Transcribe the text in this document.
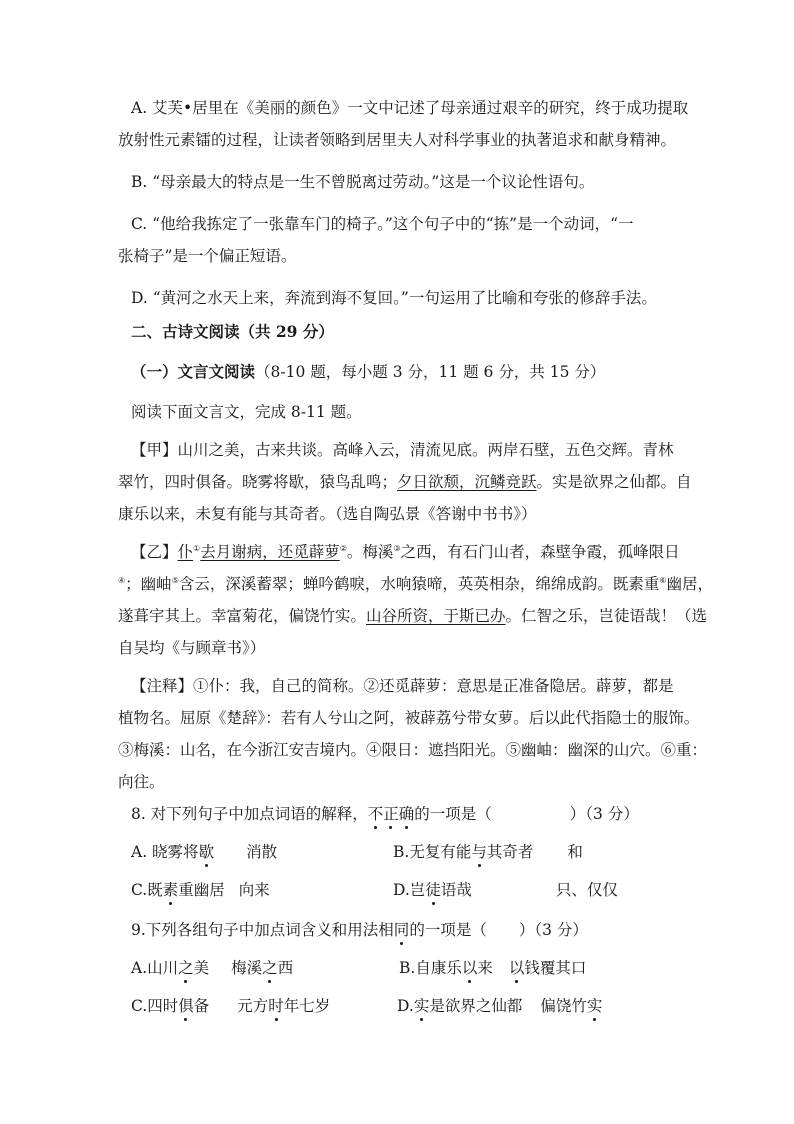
A. 艾芙•居里在《美丽的颜色》一文中记述了母亲通过艰辛的研究，终于成功提取
放射性元素镭的过程，让读者领略到居里夫人对科学事业的执著追求和献身精神。
B. “母亲最大的特点是一生不曾脱离过劳动。”这是一个议论性语句。
C. “他给我拣定了一张靠车门的椅子。”这个句子中的“拣”是一个动词，“一
张椅子”是一个偏正短语。
D. “黄河之水天上来，奔流到海不复回。”一句运用了比喻和夸张的修辞手法。
二、古诗文阅读（共 29 分）
（一）文言文阅读（8-10 题，每小题 3 分，11 题 6 分，共 15 分）
阅读下面文言文，完成 8-11 题。
【甲】山川之美，古来共谈。高峰入云，清流见底。两岸石壁，五色交辉。青林
翠竹，四时俱备。晓雾将歇，猿鸟乱鸣；夕日欲颓，沉鳞竞跃。实是欲界之仙都。自
康乐以来，未复有能与其奇者。（选自陶弘景《答谢中书书》）
【乙】仆①去月谢病，还觅薜萝②。梅溪③之西，有石门山者，森壁争霞，孤峰限日
④；幽岫⑤含云，深溪蓄翠；蝉吟鹤唳，水响猿啼，英英相杂，绵绵成韵。既素重⑥幽居，
遂葺宇其上。幸富菊花，偏饶竹实。山谷所资，于斯已办。仁智之乐，岂徒语哉！（选
自吴均《与顾章书》）
【注释】①仆：我，自己的简称。②还觅薜萝：意思是正准备隐居。薜萝，都是
植物名。屈原《楚辞》：若有人兮山之阿，被薜荔兮带女萝。后以此代指隐士的服饰。
③梅溪：山名，在今浙江安吉境内。④限日：遮挡阳光。⑤幽岫：幽深的山穴。⑥重：
向往。
8. 对下列句子中加点词语的解释，不正确的一项是（	）（3 分）
A. 晓雾将歇 消散	B.无复有能与其奇者 和
C.既素重幽居 向来	D.岂徒语哉	只、仅仅
9.下列各组句子中加点词含义和用法相同的一项是（ ）（3 分）
A.山川之美 梅溪之西	B.自康乐以来 以钱覆其口
C.四时俱备 元方时年七岁	D.实是欲界之仙都 偏饶竹实
